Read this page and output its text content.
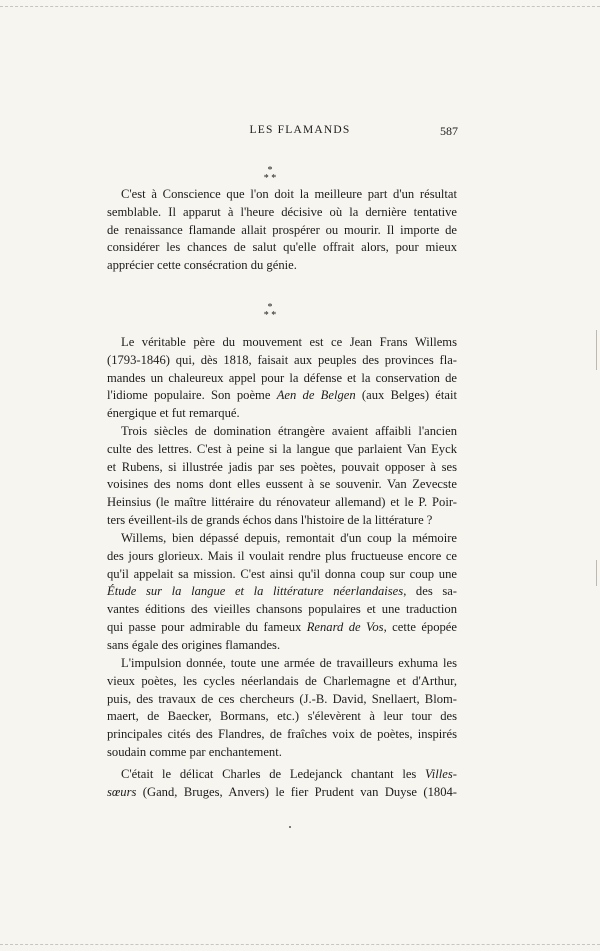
LES FLAMANDS	587
*
* *
C'est à Conscience que l'on doit la meilleure part d'un résultat
semblable. Il apparut à l'heure décisive où la dernière tentative
de renaissance flamande allait prospérer ou mourir. Il importe de
considérer les chances de salut qu'elle offrait alors, pour mieux
apprécier cette consécration du génie.
*
* *
Le véritable père du mouvement est ce Jean Frans Willems
(1793-1846) qui, dès 1818, faisait aux peuples des provinces fla-
mandes un chaleureux appel pour la défense et la conservation de
l'idiome populaire. Son poème Aen de Belgen (aux Belges) était
énergique et fut remarqué.
Trois siècles de domination étrangère avaient affaibli l'ancien
culte des lettres. C'est à peine si la langue que parlaient Van Eyck
et Rubens, si illustrée jadis par ses poètes, pouvait opposer à ses
voisines des noms dont elles eussent à se souvenir. Van Zevecste
Heinsius (le maître littéraire du rénovateur allemand) et le P. Poir-
ters éveillent-ils de grands échos dans l'histoire de la littérature ?
Willems, bien dépassé depuis, remontait d'un coup la mémoire
des jours glorieux. Mais il voulait rendre plus fructueuse encore ce
qu'il appelait sa mission. C'est ainsi qu'il donna coup sur coup une
Étude sur la langue et la littérature néerlandaises, des sa-
vantes éditions des vieilles chansons populaires et une traduction
qui passe pour admirable du fameux Renard de Vos, cette épopée
sans égale des origines flamandes.
L'impulsion donnée, toute une armée de travailleurs exhuma les
vieux poètes, les cycles néerlandais de Charlemagne et d'Arthur,
puis, des travaux de ces chercheurs (J.-B. David, Snellaert, Blom-
maert, de Baecker, Bormans, etc.) s'élevèrent à leur tour des
principales cités des Flandres, de fraîches voix de poètes, inspirés
soudain comme par enchantement.
C'était le délicat Charles de Ledejanck chantant les Villes-
sœurs (Gand, Bruges, Anvers) le fier Prudent van Duyse (1804-
